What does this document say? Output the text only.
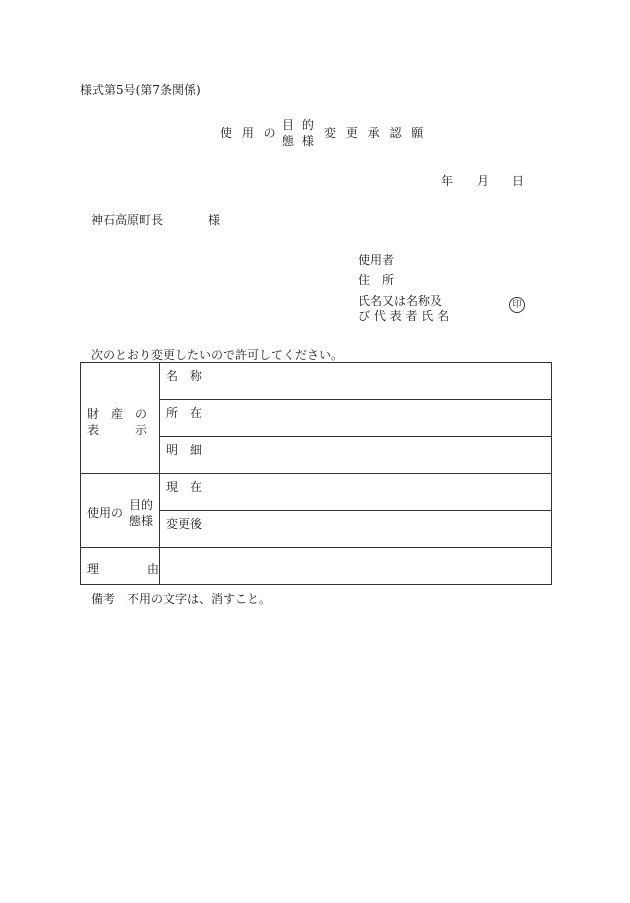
様式第5号(第7条関係)
使 用 の
目 的
態 様
変 更 承 認 願
年 月 日
神石高原町長	様
使用者
住　所
氏名又は名称及
び 代 表 者 氏 名
印
次のとおり変更したいので許可してください。
財　産　の
表　　　示	名　称

	所　在

	明　細

使用の
目的
態様	現　在

	変更後

理　　　　由	

備考　不用の文字は、消すこと。
